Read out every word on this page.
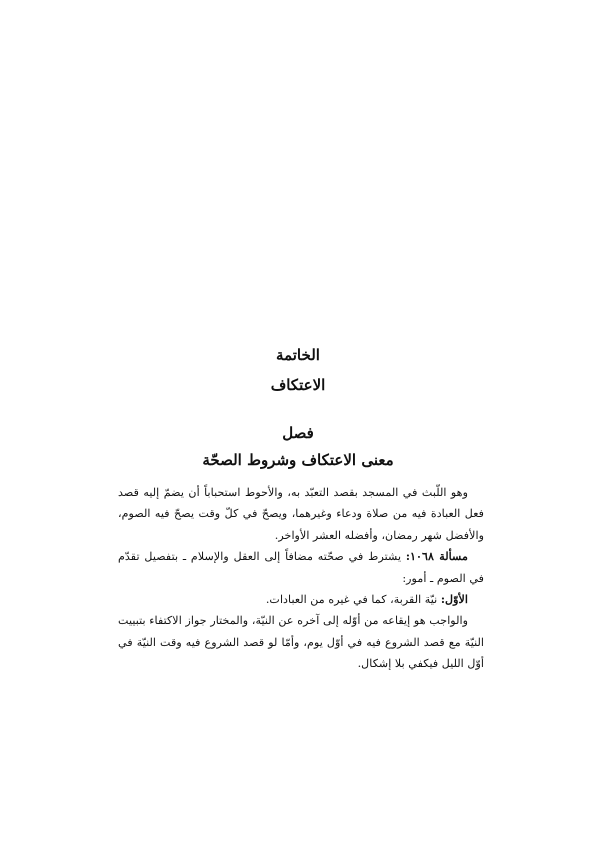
الخاتمة
الاعتكاف
فصل
معنى الاعتكاف وشروط الصحّة

وهو اللّبث في المسجد بقصد التعبّد به، والأحوط استحباباً أن يضمّ إليه قصد فعل العبادة فيه من صلاة ودعاء وغيرهما، ويصحّ في كلّ وقت يصحّ فيه الصوم، والأفضل شهر رمضان، وأفضله العشر الأواخر.

مسألة ١٠٦٨: يشترط في صحّته مضافاً إلى العقل والإسلام ـ بتفصيل تقدّم في الصوم ـ أمور:

الأوّل: نيّة القربة، كما في غيره من العبادات.

والواجب هو إيقاعه من أوّله إلى آخره عن النيّة، والمختار جواز الاكتفاء بتبييت النيّة مع قصد الشروع فيه في أوّل يوم، وأمّا لو قصد الشروع فيه وقت النيّة في أوّل الليل فيكفي بلا إشكال.
